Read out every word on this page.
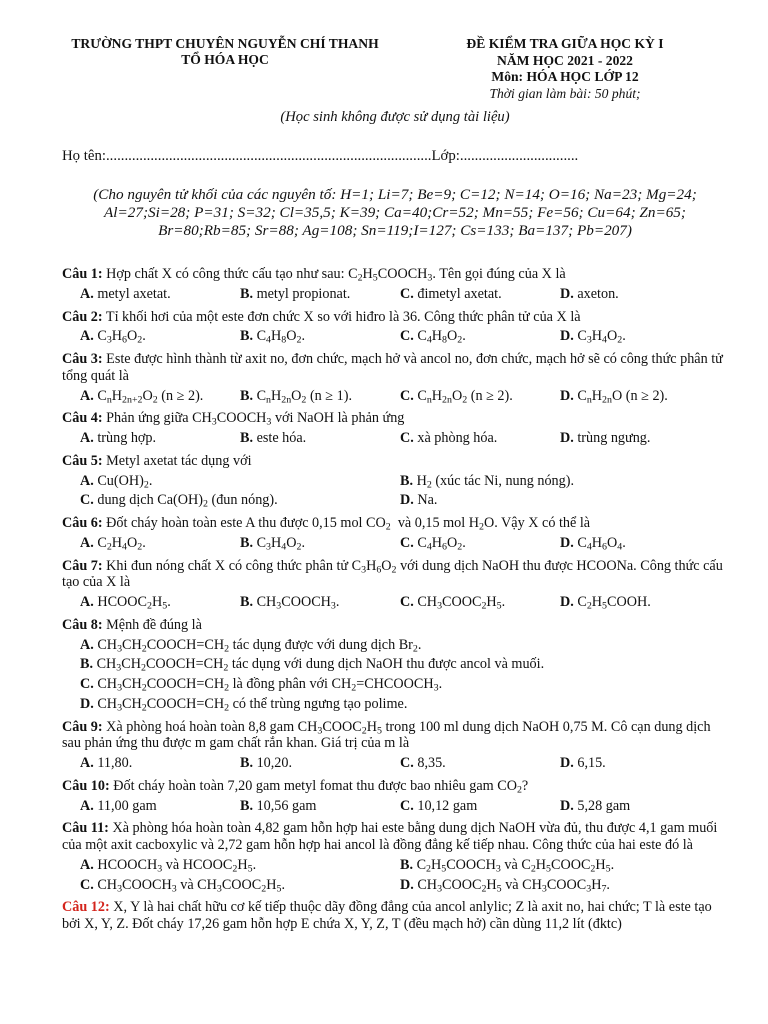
TRƯỜNG THPT CHUYÊN NGUYỄN CHÍ THANH
TỔ HÓA HỌC
ĐỀ KIỂM TRA GIỮA HỌC KỲ I
NĂM HỌC 2021 - 2022
Môn: HÓA HỌC LỚP 12
Thời gian làm bài: 50 phút;
(Học sinh không được sử dụng tài liệu)
Họ tên:........................................................................................Lớp:................................
(Cho nguyên tử khối của các nguyên tố: H=1; Li=7; Be=9; C=12; N=14; O=16; Na=23; Mg=24; Al=27;Si=28; P=31; S=32; Cl=35,5; K=39; Ca=40;Cr=52; Mn=55; Fe=56; Cu=64; Zn=65; Br=80;Rb=85; Sr=88; Ag=108; Sn=119;I=127; Cs=133; Ba=137; Pb=207)
Câu 1: Hợp chất X có công thức cấu tạo như sau: $C_2H_5COOCH_3$. Tên gọi đúng của X là
A. metyl axetat.	B. metyl propionat.	C. đimetyl axetat.	D. axeton.
Câu 2: Tỉ khối hơi của một este đơn chức X so với hiđro là 36. Công thức phân tử của X là
A. $C_3H_6O_2$.	B. $C_4H_8O_2$.	C. $C_4H_8O_2$.	D. $C_3H_4O_2$.
Câu 3: Este được hình thành từ axit no, đơn chức, mạch hở và ancol no, đơn chức, mạch hở sẽ có công thức phân tử tổng quát là
A. $C_nH_{2n+2}O_2$ (n ≥ 2).	B. $C_nH_{2n}O_2$ (n ≥ 1).	C. $C_nH_{2n}O_2$ (n ≥ 2).	D. $C_nH_{2n}O$ (n ≥ 2).
Câu 4: Phản ứng giữa $CH_3COOCH_3$ với NaOH là phản ứng
A. trùng hợp.	B. este hóa.	C. xà phòng hóa.	D. trùng ngưng.
Câu 5: Metyl axetat tác dụng với
A. $Cu(OH)_2$.	B. $H_2$ (xúc tác Ni, nung nóng).
C. dung dịch $Ca(OH)_2$ (đun nóng).	D. Na.
Câu 6: Đốt cháy hoàn toàn este A thu được 0,15 mol $CO_2$  và 0,15 mol $H_2O$. Vậy X có thể là
A. $C_2H_4O_2$.	B. $C_3H_4O_2$.	C. $C_4H_6O_2$.	D. $C_4H_6O_4$.
Câu 7: Khi đun nóng chất X có công thức phân tử $C_3H_6O_2$ với dung dịch NaOH thu được HCOONa. Công thức cấu tạo của X là
A. $HCOOC_2H_5$.	B. $CH_3COOCH_3$.	C. $CH_3COOC_2H_5$.	D. $C_2H_5COOH$.
Câu 8: Mệnh đề đúng là
A. $CH_3CH_2COOCH=CH_2$ tác dụng được với dung dịch $Br_2$.
B. $CH_3CH_2COOCH=CH_2$ tác dụng với dung dịch NaOH thu được ancol và muối.
C. $CH_3CH_2COOCH=CH_2$ là đồng phân với $CH_2=CHCOOCH_3$.
D. $CH_3CH_2COOCH=CH_2$ có thể trùng ngưng tạo polime.
Câu 9: Xà phòng hoá hoàn toàn 8,8 gam $CH_3COOC_2H_5$ trong 100 ml dung dịch NaOH 0,75 M. Cô cạn dung dịch sau phản ứng thu được m gam chất rắn khan. Giá trị của m là
A. 11,80.	B. 10,20.	C. 8,35.	D. 6,15.
Câu 10: Đốt cháy hoàn toàn 7,20 gam metyl fomat thu được bao nhiêu gam $CO_2$?
A. 11,00 gam	B. 10,56 gam	C. 10,12 gam	D. 5,28 gam
Câu 11: Xà phòng hóa hoàn toàn 4,82 gam hỗn hợp hai este bằng dung dịch NaOH vừa đủ, thu được 4,1 gam muối của một axit cacboxylic và 2,72 gam hỗn hợp hai ancol là đồng đẳng kế tiếp nhau. Công thức của hai este đó là
A. $HCOOCH_3$ và $HCOOC_2H_5$.	B. $C_2H_5COOCH_3$ và $C_2H_5COOC_2H_5$.
C. $CH_3COOCH_3$ và $CH_3COOC_2H_5$.	D. $CH_3COOC_2H_5$ và $CH_3COOC_3H_7$.
Câu 12: X, Y là hai chất hữu cơ kế tiếp thuộc dãy đồng đẳng của ancol anlylic; Z là axit no, hai chức; T là este tạo bởi X, Y, Z. Đốt cháy 17,26 gam hỗn hợp E chứa X, Y, Z, T (đều mạch hở) cần dùng 11,2 lít (đktc)
